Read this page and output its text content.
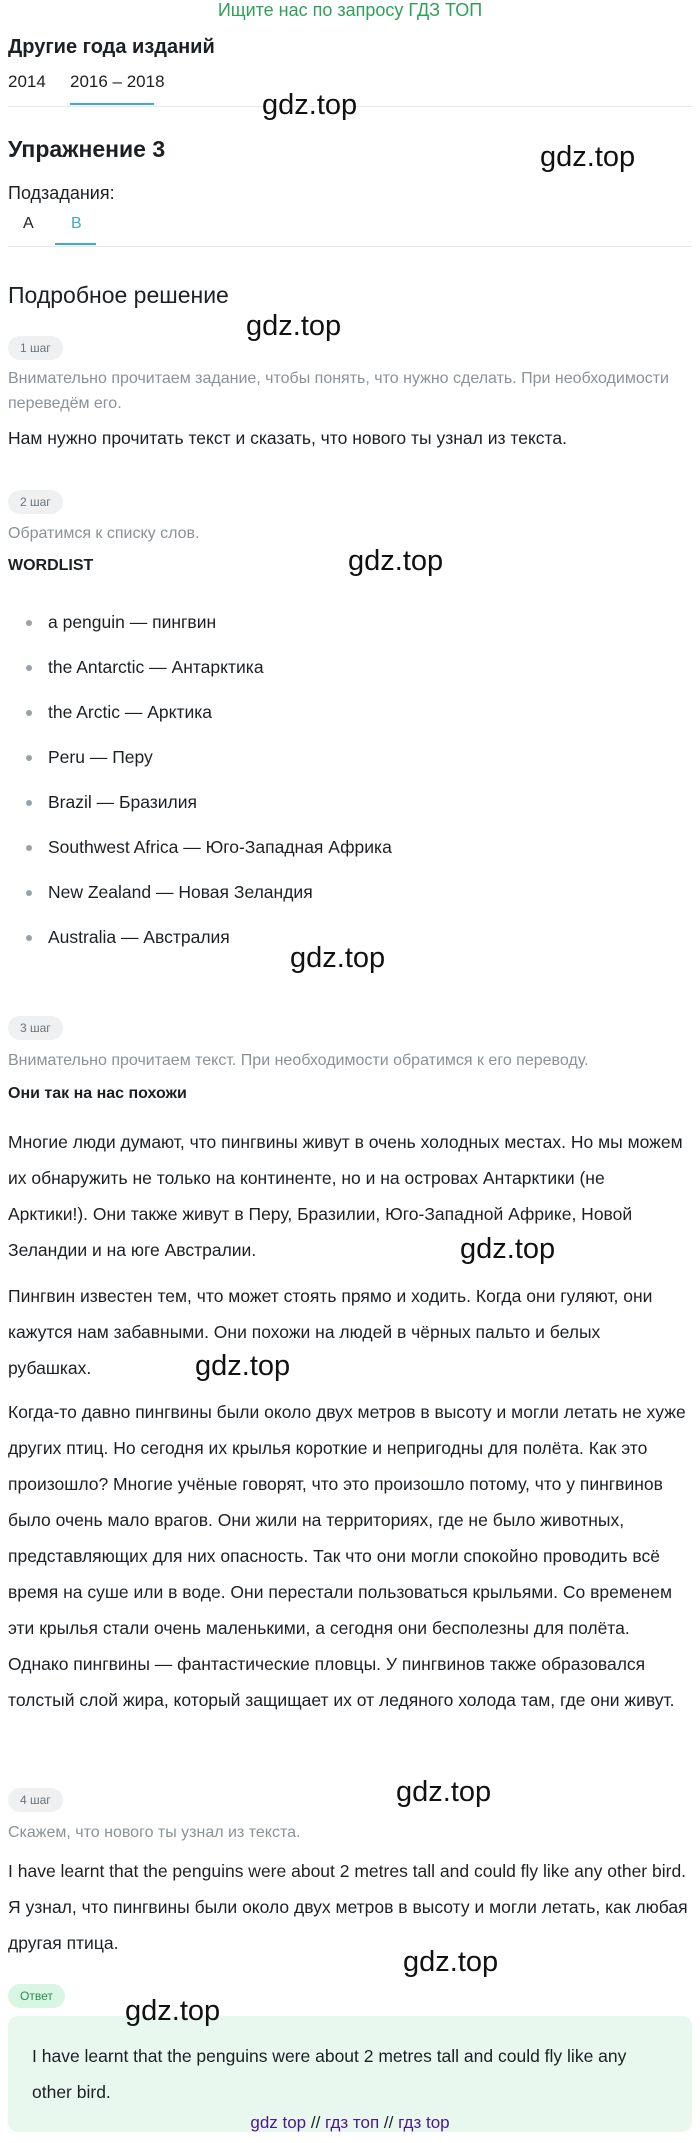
Ищите нас по запросу ГДЗ ТОП
Другие года изданий
2014 2016 – 2018
Упражнение 3
Подзадания:
A B
Подробное решение
1 шаг
Внимательно прочитаем задание, чтобы понять, что нужно сделать. При необходимости переведём его.
Нам нужно прочитать текст и сказать, что нового ты узнал из текста.
2 шаг
Обратимся к списку слов.
WORDLIST
a penguin — пингвин
the Antarctic — Антарктика
the Arctic — Арктика
Peru — Перу
Brazil — Бразилия
Southwest Africa — Юго-Западная Африка
New Zealand — Новая Зеландия
Australia — Австралия
3 шаг
Внимательно прочитаем текст. При необходимости обратимся к его переводу.
Они так на нас похожи
Многие люди думают, что пингвины живут в очень холодных местах. Но мы можем их обнаружить не только на континенте, но и на островах Антарктики (не Арктики!). Они также живут в Перу, Бразилии, Юго-Западной Африке, Новой Зеландии и на юге Австралии.
Пингвин известен тем, что может стоять прямо и ходить. Когда они гуляют, они кажутся нам забавными. Они похожи на людей в чёрных пальто и белых рубашках.
Когда-то давно пингвины были около двух метров в высоту и могли летать не хуже других птиц. Но сегодня их крылья короткие и непригодны для полёта. Как это произошло? Многие учёные говорят, что это произошло потому, что у пингвинов было очень мало врагов. Они жили на территориях, где не было животных, представляющих для них опасность. Так что они могли спокойно проводить всё время на суше или в воде. Они перестали пользоваться крыльями. Со временем эти крылья стали очень маленькими, а сегодня они бесполезны для полёта. Однако пингвины — фантастические пловцы. У пингвинов также образовался толстый слой жира, который защищает их от ледяного холода там, где они живут.
4 шаг
Скажем, что нового ты узнал из текста.
I have learnt that the penguins were about 2 metres tall and could fly like any other bird. Я узнал, что пингвины были около двух метров в высоту и могли летать, как любая другая птица.
Ответ
I have learnt that the penguins were about 2 metres tall and could fly like any other bird.
gdz.top
gdz.top
gdz.top
gdz.top
gdz.top
gdz.top
gdz.top
gdz.top
gdz.top
gdz.top
gdz top // гдз топ // гдз top
